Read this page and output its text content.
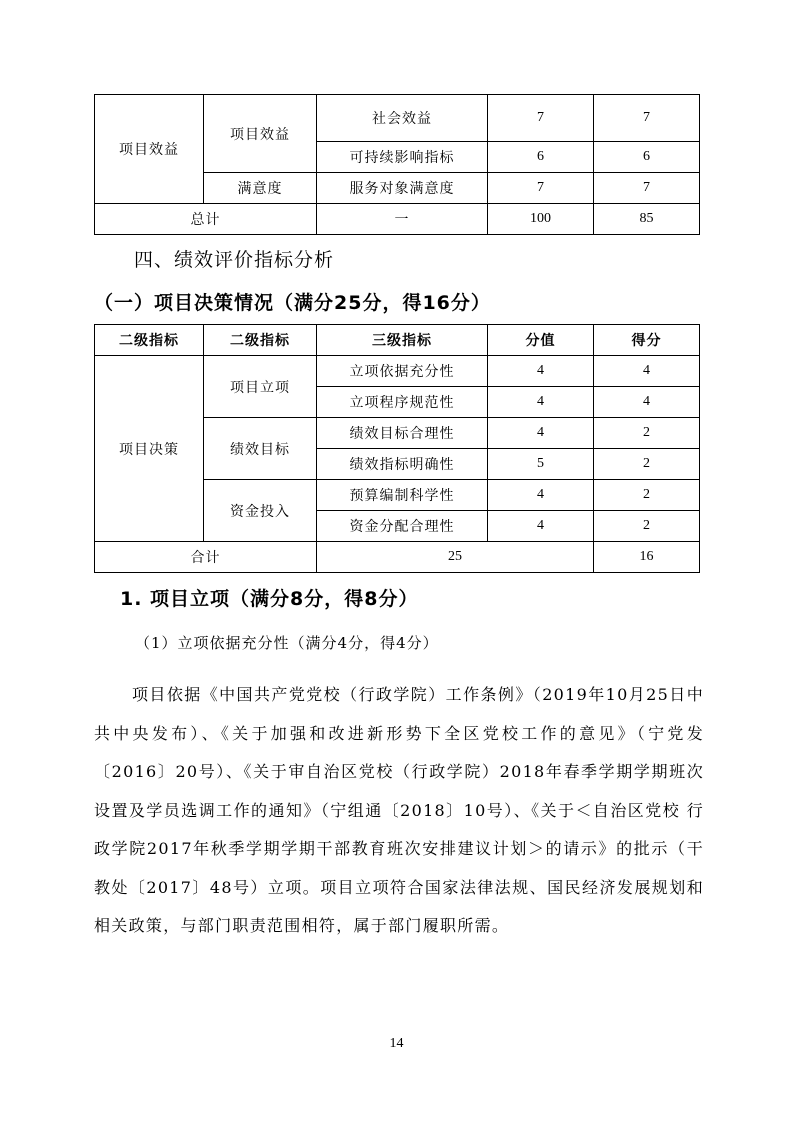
项目效益	项目效益	社会效益	7	7
		可持续影响指标	6	6
	满意度	服务对象满意度	7	7
总计		一	100	85
四、绩效评价指标分析
（一）项目决策情况（满分25分，得16分）
二级指标	二级指标	三级指标	分值	得分
项目决策	项目立项	立项依据充分性	4	4
		立项程序规范性	4	4
	绩效目标	绩效目标合理性	4	2
		绩效指标明确性	5	2
	资金投入	预算编制科学性	4	2
		资金分配合理性	4	2
合计		25		16
1. 项目立项（满分8分，得8分）
（1）立项依据充分性（满分4分，得4分）

项目依据《中国共产党党校（行政学院）工作条例》（2019年10月25日中共中央发布）、《关于加强和改进新形势下全区党校工作的意见》（宁党发〔2016〕20号）、《关于审自治区党校（行政学院）2018年春季学期学期班次设置及学员选调工作的通知》（宁组通〔2018〕10号）、《关于＜自治区党校 行政学院2017年秋季学期学期干部教育班次安排建议计划＞的请示》的批示（干教处〔2017〕48号）立项。项目立项符合国家法律法规、国民经济发展规划和相关政策，与部门职责范围相符，属于部门履职所需。

14
